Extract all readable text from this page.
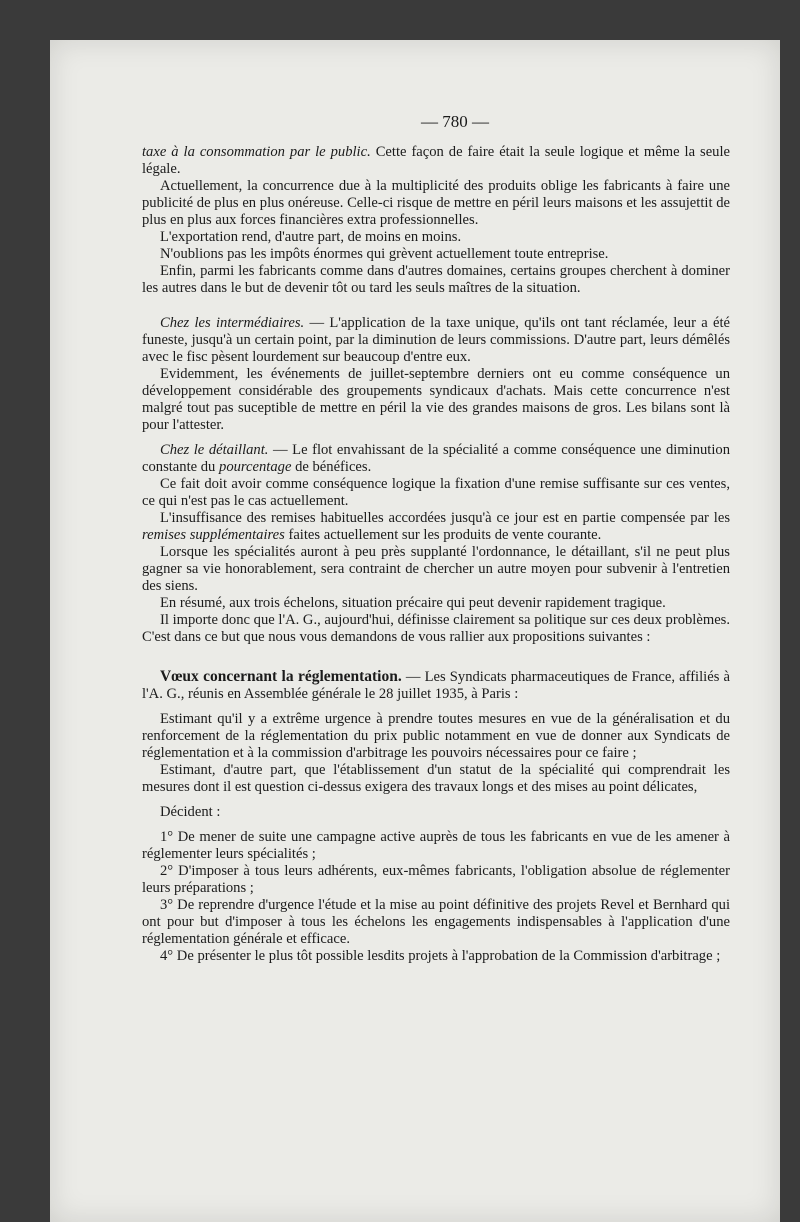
— 780 —

taxe à la consommation par le public. Cette façon de faire était la seule logique et même la seule légale.

Actuellement, la concurrence due à la multiplicité des produits oblige les fabricants à faire une publicité de plus en plus onéreuse. Celle-ci risque de mettre en péril leurs maisons et les assujettit de plus en plus aux forces financières extra professionnelles.

L'exportation rend, d'autre part, de moins en moins.

N'oublions pas les impôts énormes qui grèvent actuellement toute entreprise.

Enfin, parmi les fabricants comme dans d'autres domaines, certains groupes cherchent à dominer les autres dans le but de devenir tôt ou tard les seuls maîtres de la situation.

Chez les intermédiaires. — L'application de la taxe unique, qu'ils ont tant réclamée, leur a été funeste, jusqu'à un certain point, par la diminution de leurs commissions. D'autre part, leurs démêlés avec le fisc pèsent lourdement sur beaucoup d'entre eux.

Evidemment, les événements de juillet-septembre derniers ont eu comme conséquence un développement considérable des groupements syndicaux d'achats. Mais cette concurrence n'est malgré tout pas suceptible de mettre en péril la vie des grandes maisons de gros. Les bilans sont là pour l'attester.

Chez le détaillant. — Le flot envahissant de la spécialité a comme conséquence une diminution constante du pourcentage de bénéfices.

Ce fait doit avoir comme conséquence logique la fixation d'une remise suffisante sur ces ventes, ce qui n'est pas le cas actuellement.

L'insuffisance des remises habituelles accordées jusqu'à ce jour est en partie compensée par les remises supplémentaires faites actuellement sur les produits de vente courante.

Lorsque les spécialités auront à peu près supplanté l'ordonnance, le détaillant, s'il ne peut plus gagner sa vie honorablement, sera contraint de chercher un autre moyen pour subvenir à l'entretien des siens.

En résumé, aux trois échelons, situation précaire qui peut devenir rapidement tragique.

Il importe donc que l'A. G., aujourd'hui, définisse clairement sa politique sur ces deux problèmes. C'est dans ce but que nous vous demandons de vous rallier aux propositions suivantes :

Vœux concernant la réglementation. — Les Syndicats pharmaceutiques de France, affiliés à l'A. G., réunis en Assemblée générale le 28 juillet 1935, à Paris :

Estimant qu'il y a extrême urgence à prendre toutes mesures en vue de la généralisation et du renforcement de la réglementation du prix public notamment en vue de donner aux Syndicats de réglementation et à la commission d'arbitrage les pouvoirs nécessaires pour ce faire ;

Estimant, d'autre part, que l'établissement d'un statut de la spécialité qui comprendrait les mesures dont il est question ci-dessus exigera des travaux longs et des mises au point délicates,

Décident :

1° De mener de suite une campagne active auprès de tous les fabricants en vue de les amener à réglementer leurs spécialités ;

2° D'imposer à tous leurs adhérents, eux-mêmes fabricants, l'obligation absolue de réglementer leurs préparations ;

3° De reprendre d'urgence l'étude et la mise au point définitive des projets Revel et Bernhard qui ont pour but d'imposer à tous les échelons les engagements indispensables à l'application d'une réglementation générale et efficace.

4° De présenter le plus tôt possible lesdits projets à l'approbation de la Commission d'arbitrage ;
